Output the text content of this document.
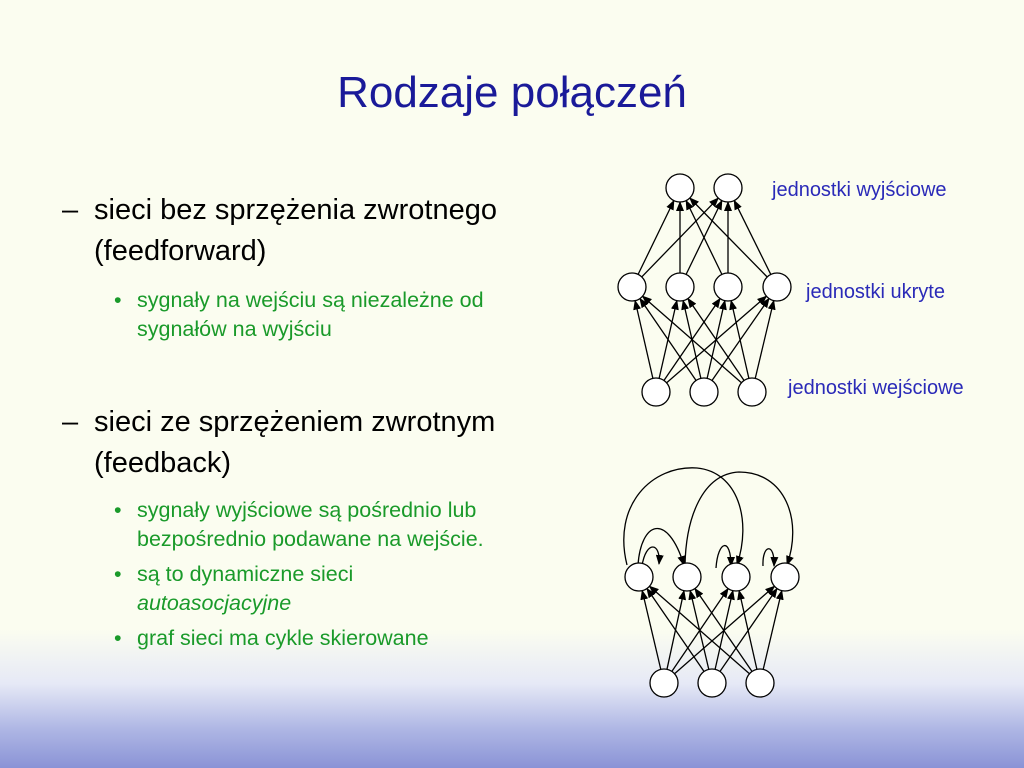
Rodzaje połączeń
– sieci bez sprzężenia zwrotnego
(feedforward)
• sygnały na wejściu są niezależne od
sygnałów na wyjściu
– sieci ze sprzężeniem zwrotnym
(feedback)
• sygnały wyjściowe są pośrednio lub
bezpośrednio podawane na wejście.
• są to dynamiczne sieci
autoasocjacyjne
• graf sieci ma cykle skierowane
jednostki wyjściowe
jednostki ukryte
jednostki wejściowe
